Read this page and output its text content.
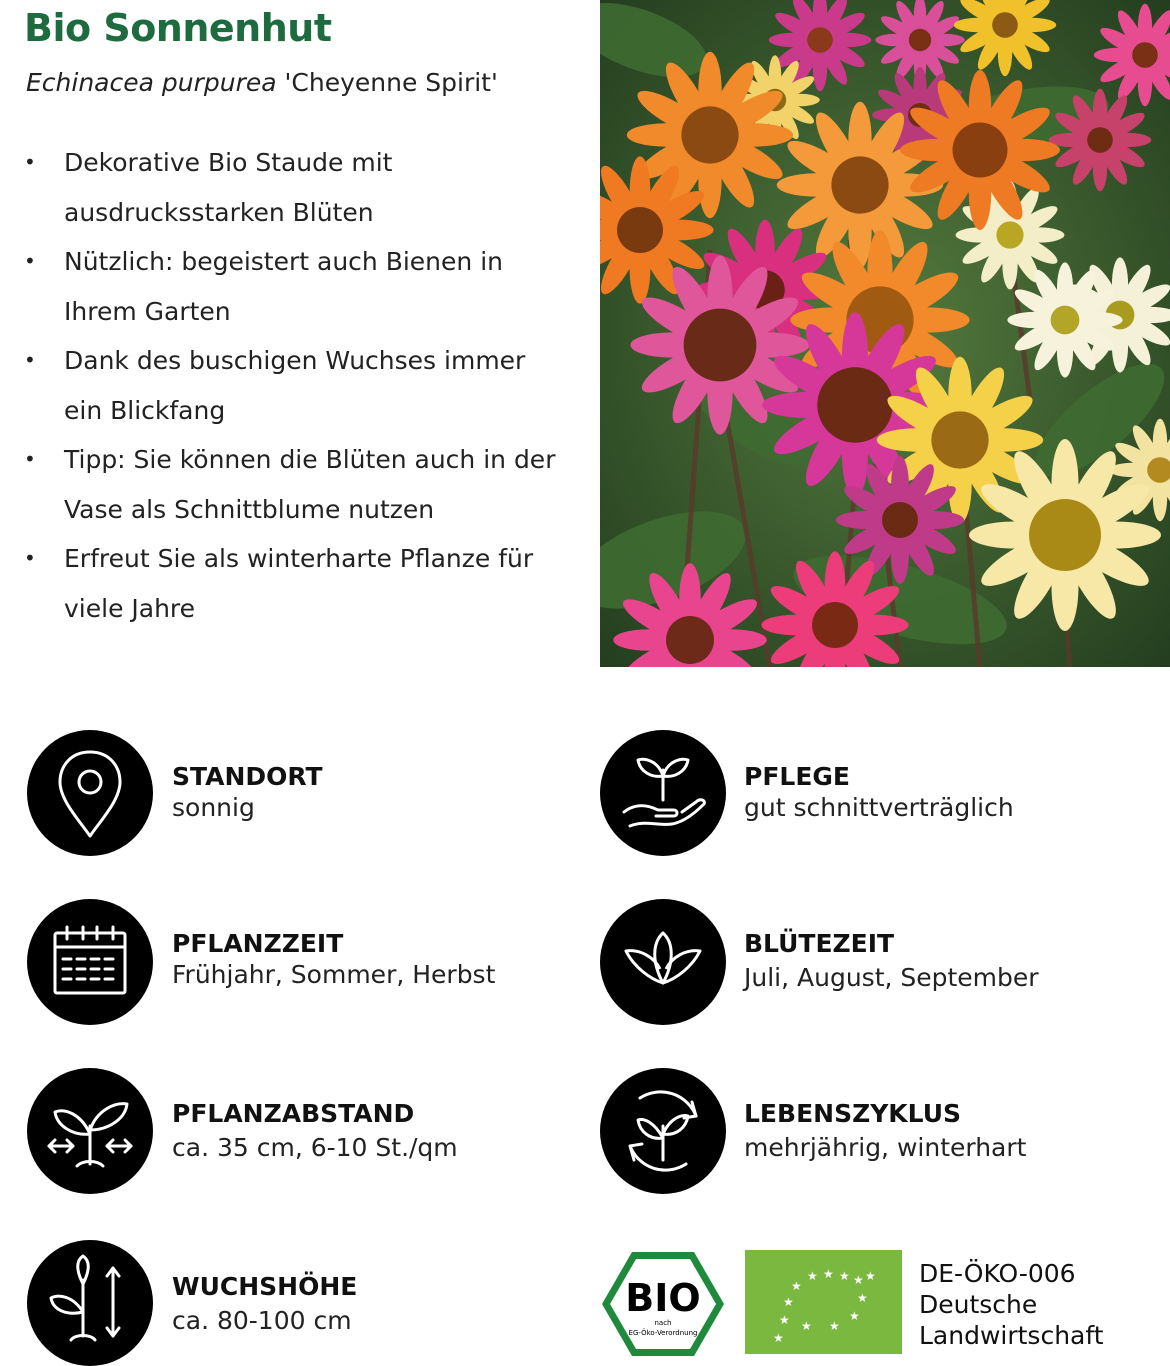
Bio Sonnenhut

Echinacea purpurea 'Cheyenne Spirit'

• Dekorative Bio Staude mit
ausdrucksstarken Blüten
• Nützlich: begeistert auch Bienen in
Ihrem Garten
• Dank des buschigen Wuchses immer
ein Blickfang
• Tipp: Sie können die Blüten auch in der
Vase als Schnittblume nutzen
• Erfreut Sie als winterharte Pflanze für
viele Jahre
STANDORT
sonnig
PFLEGE
gut schnittverträglich
PFLANZZEIT
Frühjahr, Sommer, Herbst
BLÜTEZEIT
Juli, August, September
PFLANZABSTAND
ca. 35 cm, 6-10 St./qm
LEBENSZYKLUS
mehrjährig, winterhart
WUCHSHÖHE
ca. 80-100 cm
BIO
nach
EG-Öko-Verordnung
★ ★ ★ ★ ★
★
★
★
★
★	★
★
★
DE-ÖKO-006
Deutsche
Landwirtschaft
